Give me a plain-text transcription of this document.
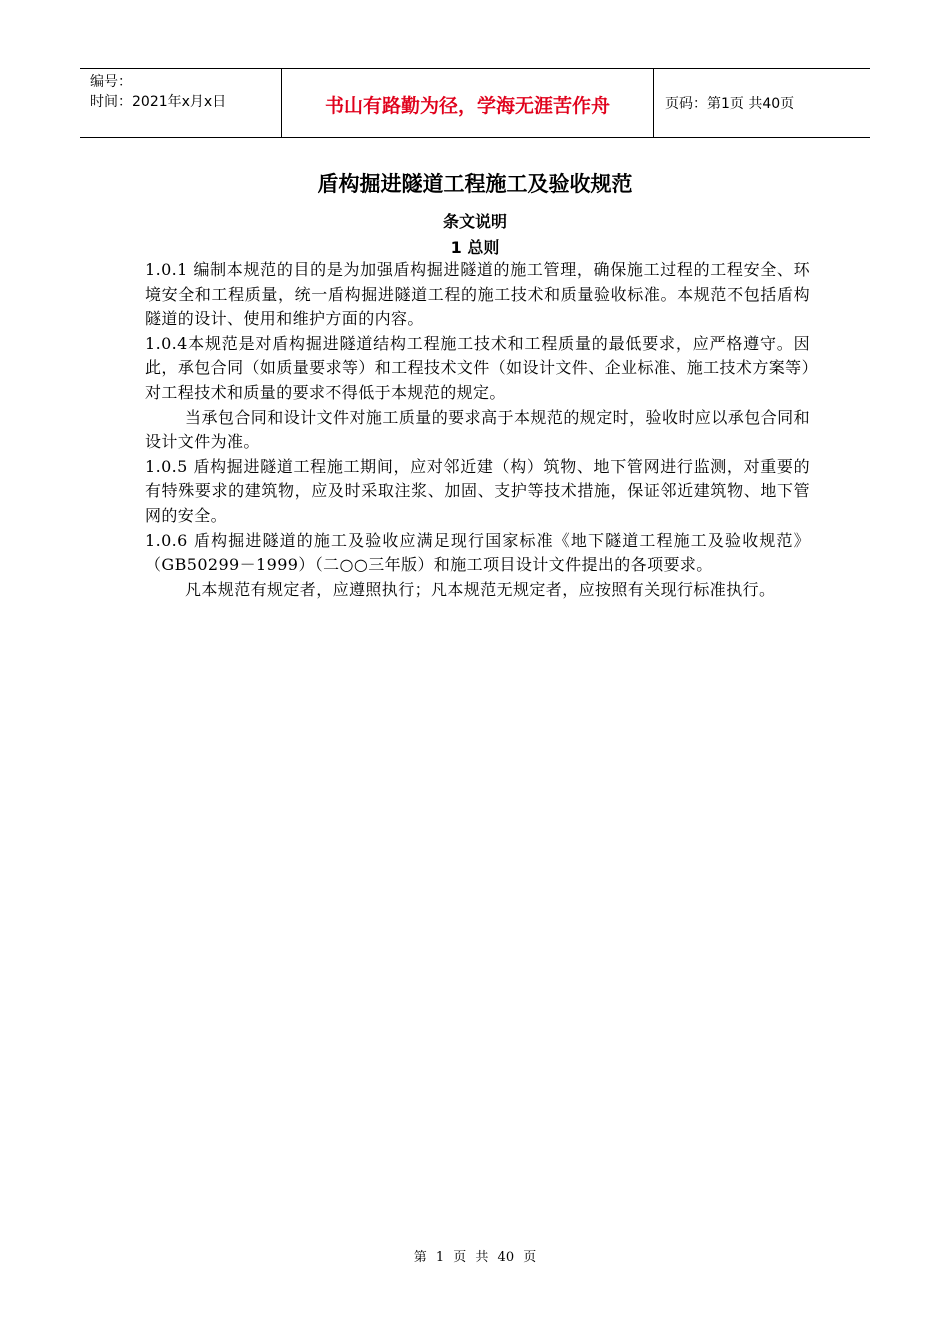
编号：
时间：2021年x月x日	书山有路勤为径，学海无涯苦作舟	页码：第1页 共40页
盾构掘进隧道工程施工及验收规范
条文说明
1 总则

1.0.1 编制本规范的目的是为加强盾构掘进隧道的施工管理，确保施工过程的工程安全、环境安全和工程质量，统一盾构掘进隧道工程的施工技术和质量验收标准。本规范不包括盾构隧道的设计、使用和维护方面的内容。

1.0.4本规范是对盾构掘进隧道结构工程施工技术和工程质量的最低要求，应严格遵守。因此，承包合同（如质量要求等）和工程技术文件（如设计文件、企业标准、施工技术方案等）对工程技术和质量的要求不得低于本规范的规定。

当承包合同和设计文件对施工质量的要求高于本规范的规定时，验收时应以承包合同和设计文件为准。

1.0.5 盾构掘进隧道工程施工期间，应对邻近建（构）筑物、地下管网进行监测，对重要的有特殊要求的建筑物，应及时采取注浆、加固、支护等技术措施，保证邻近建筑物、地下管网的安全。

1.0.6 盾构掘进隧道的施工及验收应满足现行国家标准《地下隧道工程施工及验收规范》（GB50299－1999）（二○○三年版）和施工项目设计文件提出的各项要求。

凡本规范有规定者，应遵照执行；凡本规范无规定者，应按照有关现行标准执行。

第 1 页 共 40 页
